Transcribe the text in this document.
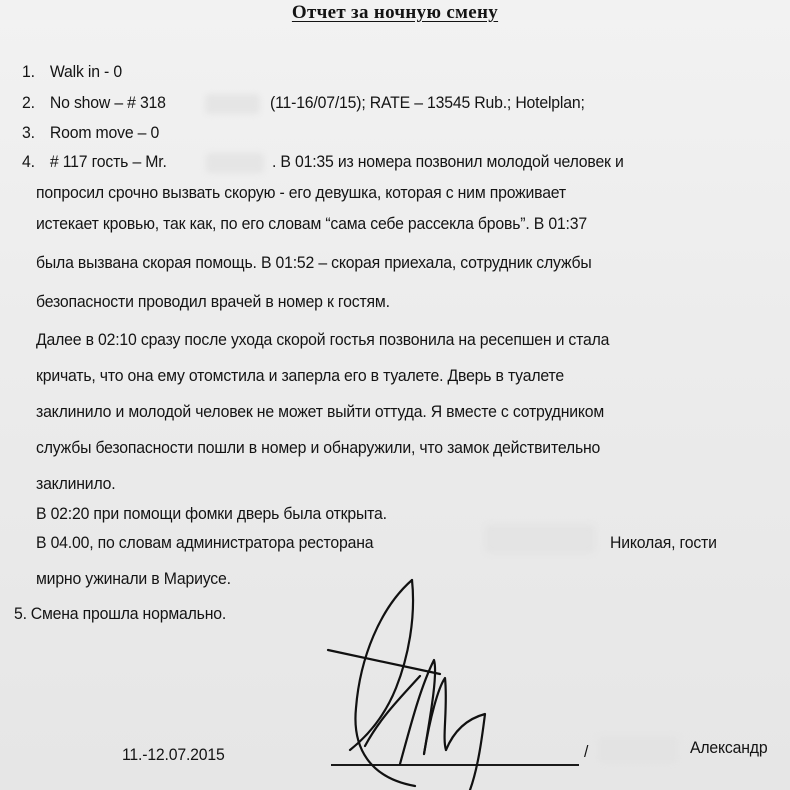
Отчет за ночную смену
1. Walk in - 0
2. No show – # 318	(11-16/07/15); RATE – 13545 Rub.; Hotelplan;
3. Room move – 0
4. # 117 гость – Mr.	. В 01:35 из номера позвонил молодой человек и
попросил срочно вызвать скорую - его девушка, которая с ним проживает
истекает кровью, так как, по его словам “сама себе рассекла бровь”. В 01:37
была вызвана скорая помощь. В 01:52 – скорая приехала, сотрудник службы
безопасности проводил врачей в номер к гостям.
Далее в 02:10 сразу после ухода скорой гостья позвонила на ресепшен и стала
кричать, что она ему отомстила и заперла его в туалете. Дверь в туалете
заклинило и молодой человек не может выйти оттуда. Я вместе с сотрудником
службы безопасности пошли в номер и обнаружили, что замок действительно
заклинило.
В 02:20 при помощи фомки дверь была открыта.
В 04.00, по словам администратора ресторана	Николая, гости
мирно ужинали в Мариусе.
5. Смена прошла нормально.
11.-12.07.2015	/	Александр
